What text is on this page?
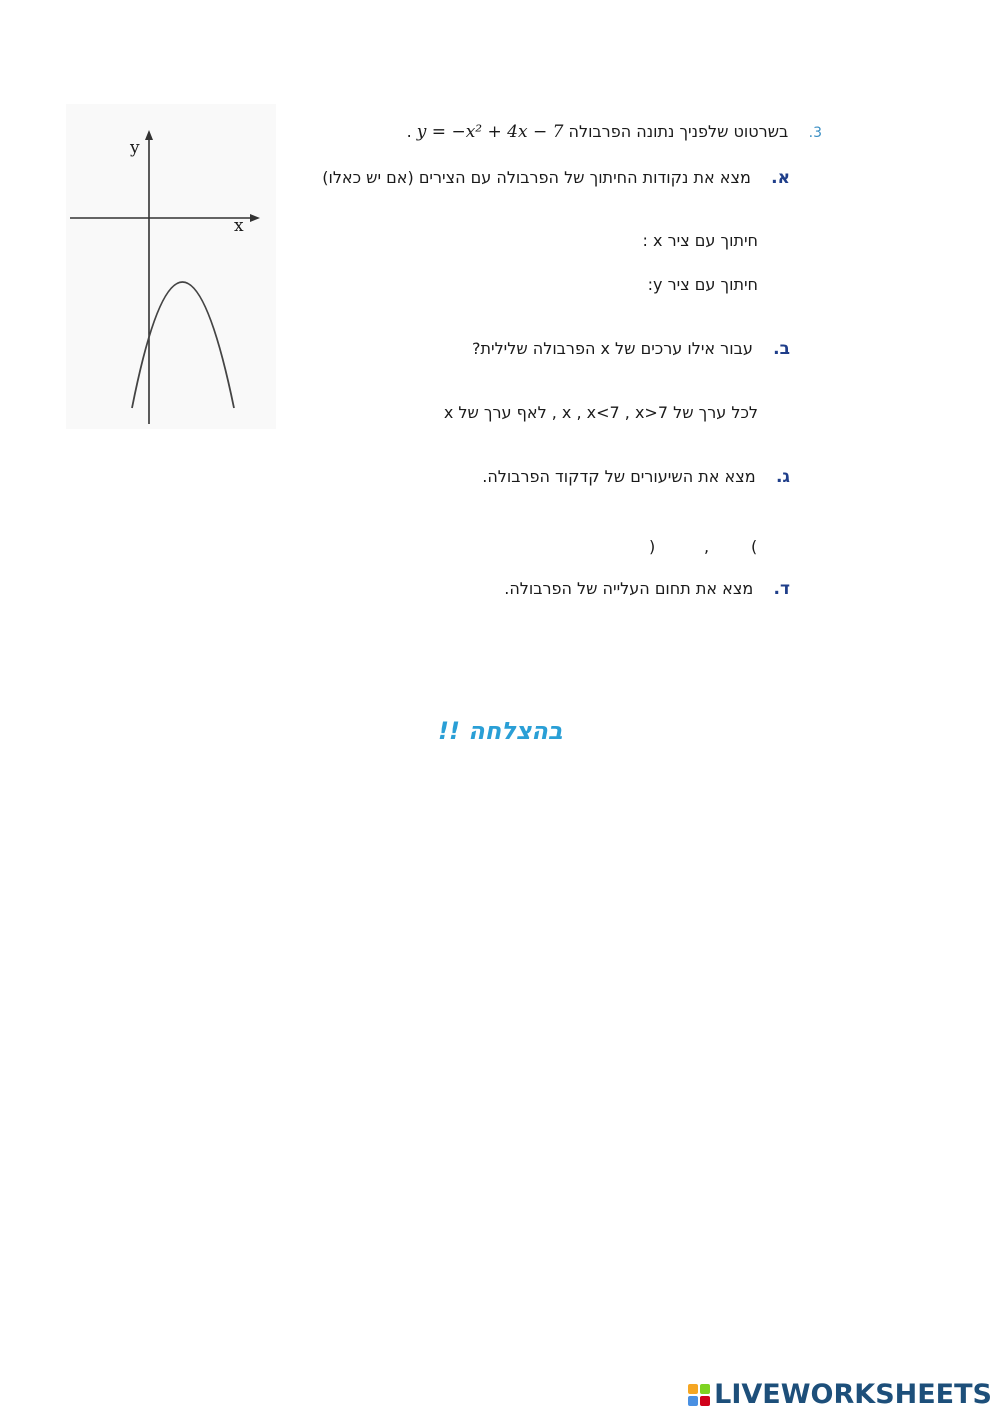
y
x
3.    בשרטוט שלפניך נתונה הפרבולה y = −x² + 4x − 7 .
א.    מצא את נקודות החיתוך של הפרבולה עם הצירים (אם יש כאלו)
חיתוך עם ציר x :
חיתוך עם ציר y:
ב.    עבור אילו ערכים של x הפרבולה שלילית?
לכל ערך של x , x<7 , x>7 , לאף ערך של x
ג.    מצא את השיעורים של קדקוד הפרבולה.
)	,	(
ד.    מצא את תחום העלייה של הפרבולה.
בהצלחה !!
LIVEWORKSHEETS
